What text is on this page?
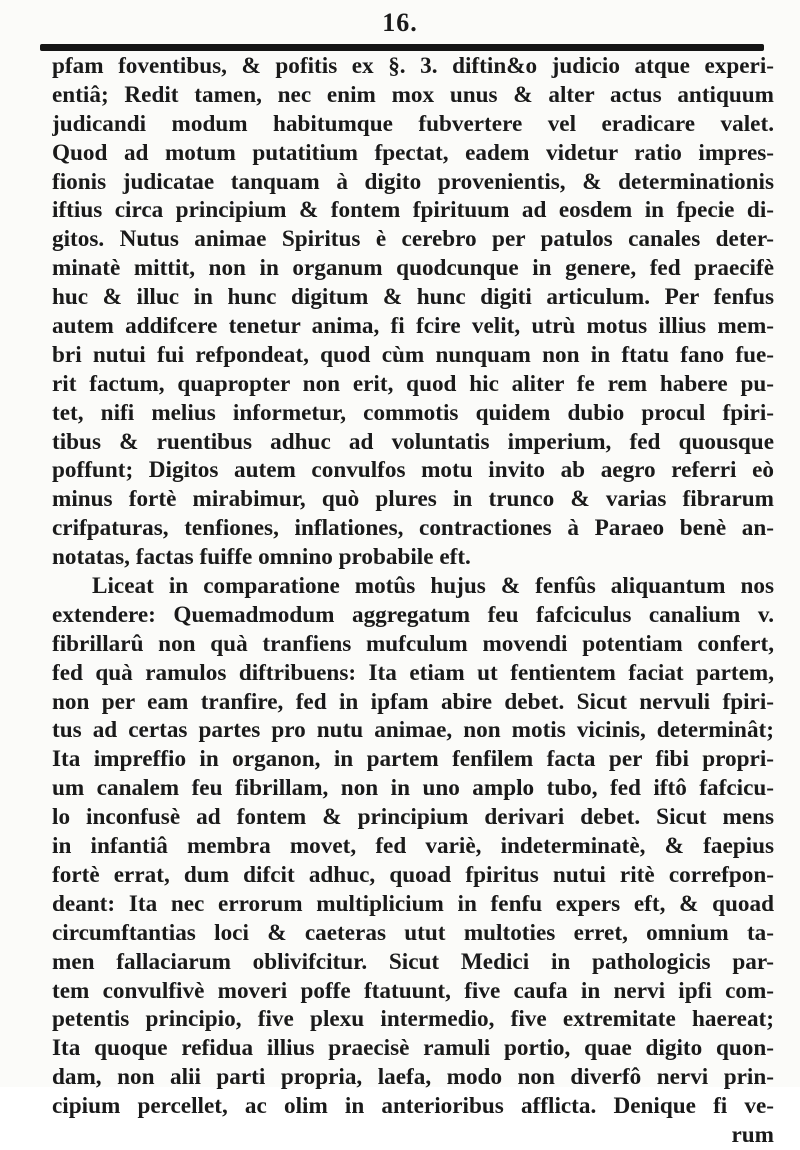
16.
pfam foventibus, & pofitis ex §. 3. diftin&o judicio atque experi-
entiâ; Redit tamen, nec enim mox unus & alter actus antiquum
judicandi modum habitumque fubvertere vel eradicare valet.
Quod ad motum putatitium fpectat, eadem videtur ratio impres-
fionis judicatae tanquam à digito provenientis, & determinationis
iftius circa principium & fontem fpirituum ad eosdem in fpecie di-
gitos. Nutus animae Spiritus è cerebro per patulos canales deter-
minatè mittit, non in organum quodcunque in genere, fed praecifè
huc & illuc in hunc digitum & hunc digiti articulum. Per fenfus
autem addifcere tenetur anima, fi fcire velit, utrù motus illius mem-
bri nutui fui refpondeat, quod cùm nunquam non in ftatu fano fue-
rit factum, quapropter non erit, quod hic aliter fe rem habere pu-
tet, nifi melius informetur, commotis quidem dubio procul fpiri-
tibus & ruentibus adhuc ad voluntatis imperium, fed quousque
poffunt; Digitos autem convulfos motu invito ab aegro referri eò
minus fortè mirabimur, quò plures in trunco & varias fibrarum
crifpaturas, tenfiones, inflationes, contractiones à Paraeo benè an-
notatas, factas fuiffe omnino probabile eft.
Liceat in comparatione motûs hujus & fenfûs aliquantum nos
extendere: Quemadmodum aggregatum feu fafciculus canalium v.
fibrillarû non quà tranfiens mufculum movendi potentiam confert,
fed quà ramulos diftribuens: Ita etiam ut fentientem faciat partem,
non per eam tranfire, fed in ipfam abire debet. Sicut nervuli fpiri-
tus ad certas partes pro nutu animae, non motis vicinis, determinât;
Ita impreffio in organon, in partem fenfilem facta per fibi propri-
um canalem feu fibrillam, non in uno amplo tubo, fed iftô fafcicu-
lo inconfusè ad fontem & principium derivari debet. Sicut mens
in infantiâ membra movet, fed variè, indeterminatè, & faepius
fortè errat, dum difcit adhuc, quoad fpiritus nutui ritè correfpon-
deant: Ita nec errorum multiplicium in fenfu expers eft, & quoad
circumftantias loci & caeteras utut multoties erret, omnium ta-
men fallaciarum oblivifcitur. Sicut Medici in pathologicis par-
tem convulfivè moveri poffe ftatuunt, five caufa in nervi ipfi com-
petentis principio, five plexu intermedio, five extremitate haereat;
Ita quoque refidua illius praecisè ramuli portio, quae digito quon-
dam, non alii parti propria, laefa, modo non diverfô nervi prin-
cipium percellet, ac olim in anterioribus afflicta. Denique fi ve-
rum
